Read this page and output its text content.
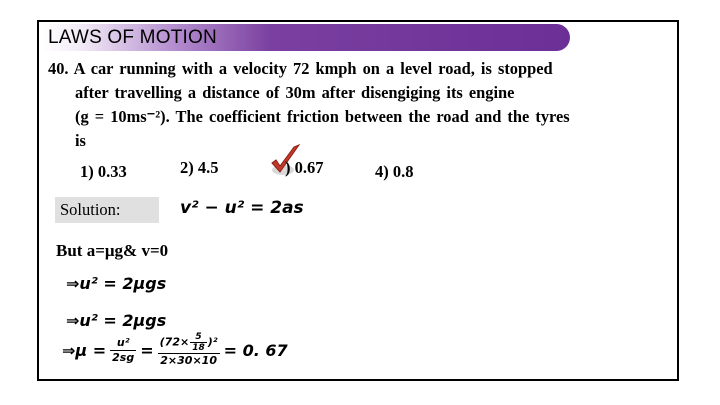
LAWS OF MOTION
40. A car running with a velocity 72 kmph on a level road, is stopped
after travelling a distance of 30m after disengiging its engine
(g = 10ms⁻²). The coefficient friction between the road and the tyres
is
1) 0.33	2) 4.5	) 0.67	4) 0.8
Solution:	v² − u² = 2as
But a=μg& v=0
⇒u² = 2μgs
⇒u² = 2μgs
⇒μ = $\frac{\text{u²}}{2sg} = \frac{(72\times \frac{5}{18} )^2}{2\times 30\times 10} = 0$. 67
